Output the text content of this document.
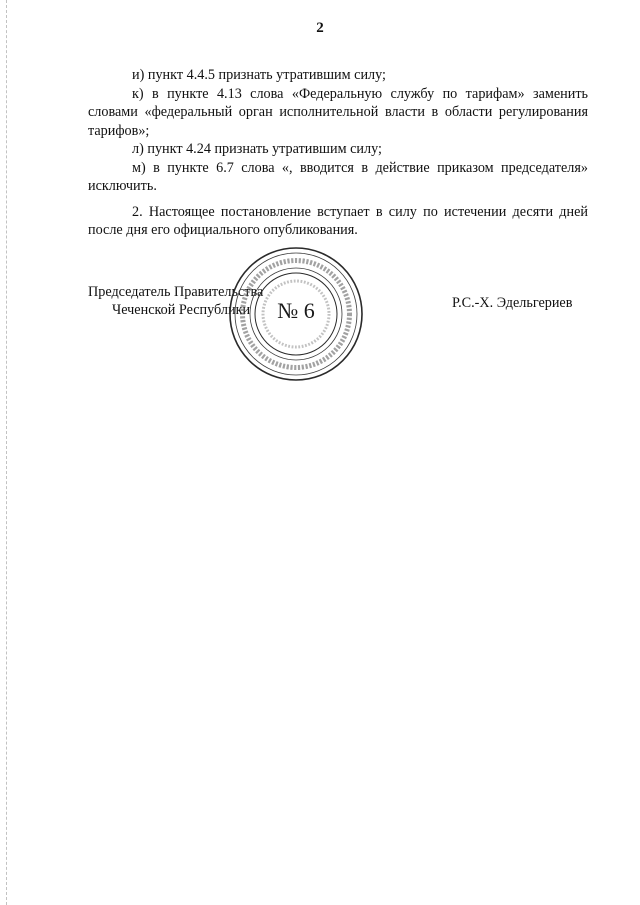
2

и) пункт 4.4.5 признать утратившим силу;

к) в пункте 4.13 слова «Федеральную службу по тарифам» заменить словами «федеральный орган исполнительной власти в области регулирования тарифов»;

л) пункт 4.24 признать утратившим силу;

м) в пункте 6.7 слова «, вводится в действие приказом председателя» исключить.

2. Настоящее постановление вступает в силу по истечении десяти дней после дня его официального опубликования.

Председатель Правительства
Чеченской Республики	Р.С.-Х. Эдельгериев
№ 6
